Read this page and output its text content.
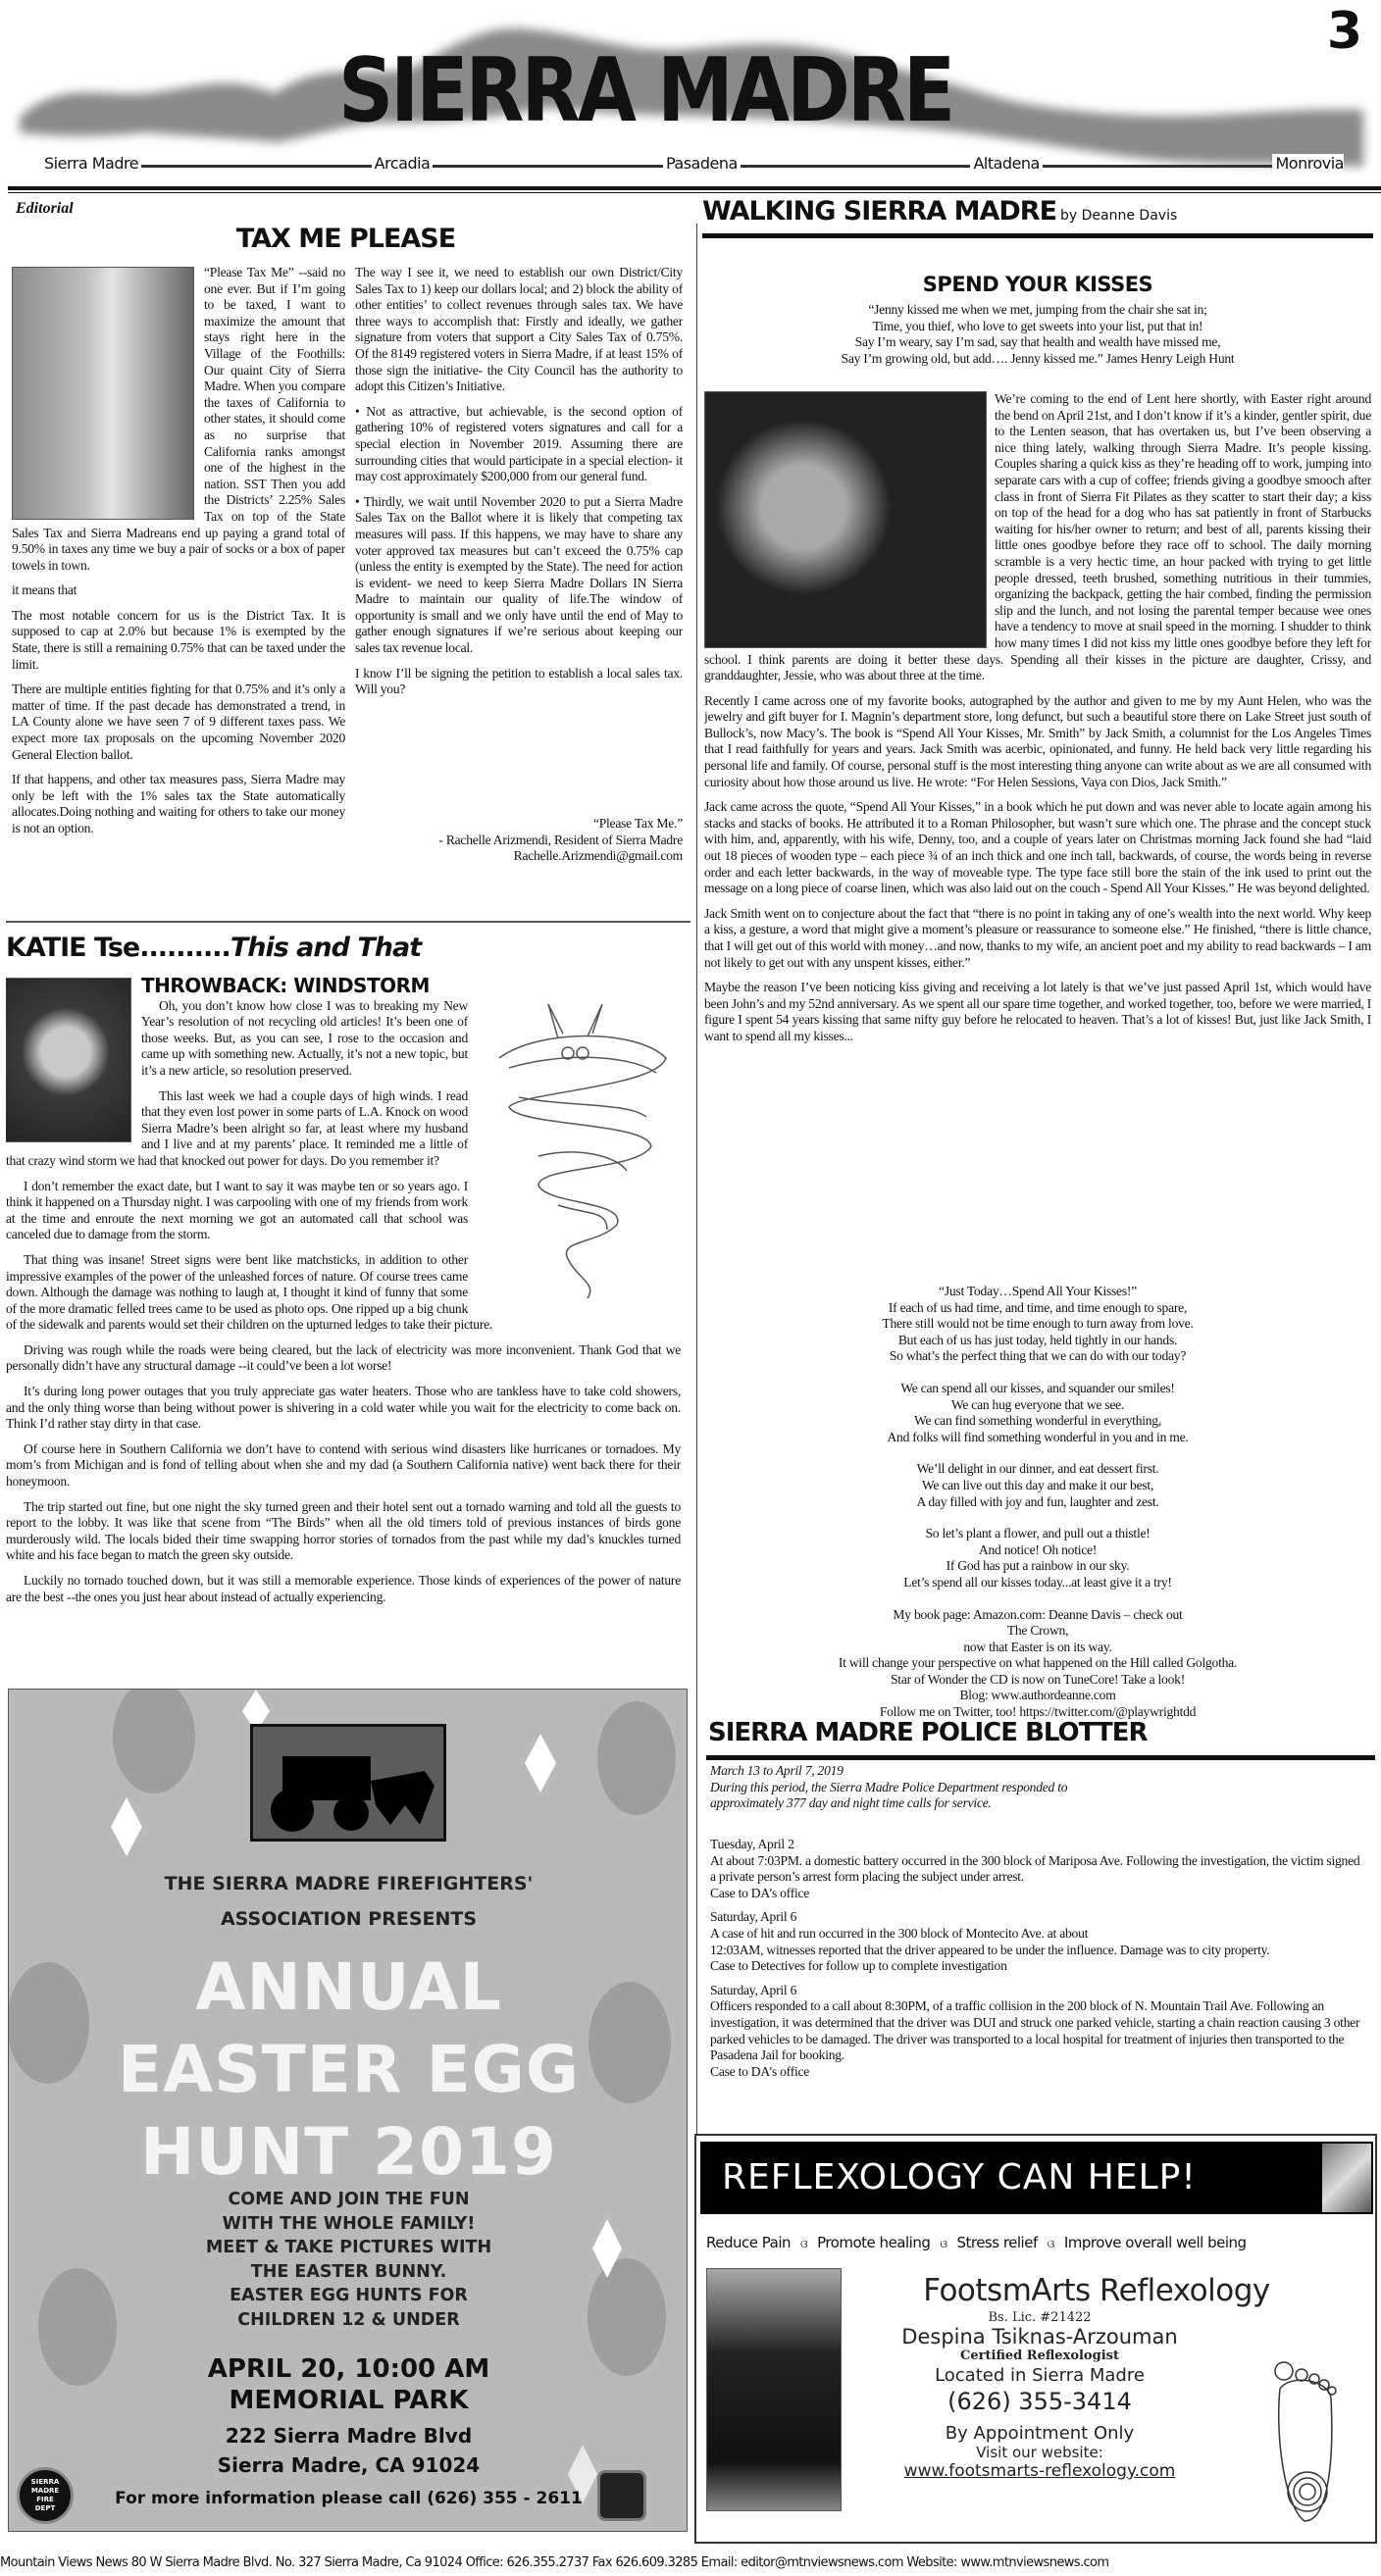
SIERRA MADRE
3
Sierra Madre	Arcadia	Pasadena	Altadena	Monrovia
Editorial
TAX ME PLEASE

“Please Tax Me” --said no one ever. But if I’m going to be taxed, I want to maximize the amount that stays right here in the Village of the Foothills: Our quaint City of Sierra Madre. When you compare the taxes of California to other states, it should come as no surprise that California ranks amongst one of the highest in the nation. SST Then you add the Districts’ 2.25% Sales Tax on top of the State Sales Tax and Sierra Madreans end up paying a grand total of 9.50% in taxes any time we buy a pair of socks or a box of paper towels in town.

it means that

The most notable concern for us is the District Tax. It is supposed to cap at 2.0% but because 1% is exempted by the State, there is still a remaining 0.75% that can be taxed under the limit.

There are multiple entities fighting for that 0.75% and it’s only a matter of time. If the past decade has demonstrated a trend, in LA County alone we have seen 7 of 9 different taxes pass. We expect more tax proposals on the upcoming November 2020 General Election ballot.

If that happens, and other tax measures pass, Sierra Madre may only be left with the 1% sales tax the State automatically allocates.Doing nothing and waiting for others to take our money is not an option.

The way I see it, we need to establish our own District/City Sales Tax to 1) keep our dollars local; and 2) block the ability of other entities’ to collect revenues through sales tax. We have three ways to accomplish that: Firstly and ideally, we gather signature from voters that support a City Sales Tax of 0.75%. Of the 8149 registered voters in Sierra Madre, if at least 15% of those sign the initiative- the City Council has the authority to adopt this Citizen’s Initiative.

• Not as attractive, but achievable, is the second option of gathering 10% of registered voters signatures and call for a special election in November 2019. Assuming there are surrounding cities that would participate in a special election- it may cost approximately $200,000 from our general fund.

• Thirdly, we wait until November 2020 to put a Sierra Madre Sales Tax on the Ballot where it is likely that competing tax measures will pass. If this happens, we may have to share any voter approved tax measures but can’t exceed the 0.75% cap (unless the entity is exempted by the State). The need for action is evident- we need to keep Sierra Madre Dollars IN Sierra Madre to maintain our quality of life.The window of opportunity is small and we only have until the end of May to gather enough signatures if we’re serious about keeping our sales tax revenue local.

I know I’ll be signing the petition to establish a local sales tax. Will you?

“Please Tax Me.”
- Rachelle Arizmendi, Resident of Sierra Madre
Rachelle.Arizmendi@gmail.com
KATIE Tse..........This and That
THROWBACK: WINDSTORM

Oh, you don’t know how close I was to breaking my New Year’s resolution of not recycling old articles! It’s been one of those weeks. But, as you can see, I rose to the occasion and came up with something new. Actually, it’s not a new topic, but it’s a new article, so resolution preserved.

This last week we had a couple days of high winds. I read that they even lost power in some parts of L.A. Knock on wood Sierra Madre’s been alright so far, at least where my husband and I live and at my parents’ place. It reminded me a little of that crazy wind storm we had that knocked out power for days. Do you remember it?

I don’t remember the exact date, but I want to say it was maybe ten or so years ago. I think it happened on a Thursday night. I was carpooling with one of my friends from work at the time and enroute the next morning we got an automated call that school was canceled due to damage from the storm.

That thing was insane! Street signs were bent like matchsticks, in addition to other impressive examples of the power of the unleashed forces of nature. Of course trees came down. Although the damage was nothing to laugh at, I thought it kind of funny that some of the more dramatic felled trees came to be used as photo ops. One ripped up a big chunk of the sidewalk and parents would set their children on the upturned ledges to take their picture.

Driving was rough while the roads were being cleared, but the lack of electricity was more inconvenient. Thank God that we personally didn’t have any structural damage --it could’ve been a lot worse!

It’s during long power outages that you truly appreciate gas water heaters. Those who are tankless have to take cold showers, and the only thing worse than being without power is shivering in a cold water while you wait for the electricity to come back on. Think I’d rather stay dirty in that case.

Of course here in Southern California we don’t have to contend with serious wind disasters like hurricanes or tornadoes. My mom’s from Michigan and is fond of telling about when she and my dad (a Southern California native) went back there for their honeymoon.

The trip started out fine, but one night the sky turned green and their hotel sent out a tornado warning and told all the guests to report to the lobby. It was like that scene from “The Birds” when all the old timers told of previous instances of birds gone murderously wild. The locals bided their time swapping horror stories of tornados from the past while my dad’s knuckles turned white and his face began to match the green sky outside.

Luckily no tornado touched down, but it was still a memorable experience. Those kinds of experiences of the power of nature are the best --the ones you just hear about instead of actually experiencing.

THE SIERRA MADRE FIREFIGHTERS'
ASSOCIATION PRESENTS
ANNUAL
EASTER EGG
HUNT 2019
COME AND JOIN THE FUN
WITH THE WHOLE FAMILY!
MEET & TAKE PICTURES WITH
THE EASTER BUNNY.
EASTER EGG HUNTS FOR
CHILDREN 12 & UNDER
APRIL 20, 10:00 AM
MEMORIAL PARK
222 Sierra Madre Blvd
Sierra Madre, CA 91024
SIERRA MADRE FIRE DEPT	For more information please call (626) 355 - 2611
WALKING SIERRA MADRE by Deanne Davis
SPEND YOUR KISSES
“Jenny kissed me when we met, jumping from the chair she sat in;
Time, you thief, who love to get sweets into your list, put that in!
Say I’m weary, say I’m sad, say that health and wealth have missed me,
Say I’m growing old, but add…. Jenny kissed me.” James Henry Leigh Hunt

We’re coming to the end of Lent here shortly, with Easter right around the bend on April 21st, and I don’t know if it’s a kinder, gentler spirit, due to the Lenten season, that has overtaken us, but I’ve been observing a nice thing lately, walking through Sierra Madre. It’s people kissing. Couples sharing a quick kiss as they’re heading off to work, jumping into separate cars with a cup of coffee; friends giving a goodbye smooch after class in front of Sierra Fit Pilates as they scatter to start their day; a kiss on top of the head for a dog who has sat patiently in front of Starbucks waiting for his/her owner to return; and best of all, parents kissing their little ones goodbye before they race off to school. The daily morning scramble is a very hectic time, an hour packed with trying to get little people dressed, teeth brushed, something nutritious in their tummies, organizing the backpack, getting the hair combed, finding the permission slip and the lunch, and not losing the parental temper because wee ones have a tendency to move at snail speed in the morning. I shudder to think how many times I did not kiss my little ones goodbye before they left for school. I think parents are doing it better these days. Spending all their kisses in the picture are daughter, Crissy, and granddaughter, Jessie, who was about three at the time.

Recently I came across one of my favorite books, autographed by the author and given to me by my Aunt Helen, who was the jewelry and gift buyer for I. Magnin’s department store, long defunct, but such a beautiful store there on Lake Street just south of Bullock’s, now Macy’s. The book is “Spend All Your Kisses, Mr. Smith” by Jack Smith, a columnist for the Los Angeles Times that I read faithfully for years and years. Jack Smith was acerbic, opinionated, and funny. He held back very little regarding his personal life and family. Of course, personal stuff is the most interesting thing anyone can write about as we are all consumed with curiosity about how those around us live. He wrote: “For Helen Sessions, Vaya con Dios, Jack Smith.”

Jack came across the quote, “Spend All Your Kisses,” in a book which he put down and was never able to locate again among his stacks and stacks of books. He attributed it to a Roman Philosopher, but wasn’t sure which one. The phrase and the concept stuck with him, and, apparently, with his wife, Denny, too, and a couple of years later on Christmas morning Jack found she had “laid out 18 pieces of wooden type – each piece ¾ of an inch thick and one inch tall, backwards, of course, the words being in reverse order and each letter backwards, in the way of moveable type. The type face still bore the stain of the ink used to print out the message on a long piece of coarse linen, which was also laid out on the couch - Spend All Your Kisses.” He was beyond delighted.

Jack Smith went on to conjecture about the fact that “there is no point in taking any of one’s wealth into the next world. Why keep a kiss, a gesture, a word that might give a moment’s pleasure or reassurance to someone else.” He finished, “there is little chance, that I will get out of this world with money…and now, thanks to my wife, an ancient poet and my ability to read backwards – I am not likely to get out with any unspent kisses, either.”

Maybe the reason I’ve been noticing kiss giving and receiving a lot lately is that we’ve just passed April 1st, which would have been John’s and my 52nd anniversary. As we spent all our spare time together, and worked together, too, before we were married, I figure I spent 54 years kissing that same nifty guy before he relocated to heaven. That’s a lot of kisses! But, just like Jack Smith, I want to spend all my kisses...

“Just Today…Spend All Your Kisses!”
If each of us had time, and time, and time enough to spare,
There still would not be time enough to turn away from love.
But each of us has just today, held tightly in our hands.
So what’s the perfect thing that we can do with our today?
We can spend all our kisses, and squander our smiles!
We can hug everyone that we see.
We can find something wonderful in everything,
And folks will find something wonderful in you and in me.
We’ll delight in our dinner, and eat dessert first.
We can live out this day and make it our best,
A day filled with joy and fun, laughter and zest.
So let’s plant a flower, and pull out a thistle!
And notice! Oh notice!
If God has put a rainbow in our sky.
Let’s spend all our kisses today...at least give it a try!
My book page: Amazon.com: Deanne Davis – check out
The Crown,
now that Easter is on its way.
It will change your perspective on what happened on the Hill called Golgotha.
Star of Wonder the CD is now on TuneCore! Take a look!
Blog: www.authordeanne.com
Follow me on Twitter, too! https://twitter.com/@playwrightdd
SIERRA MADRE POLICE BLOTTER
March 13 to April 7, 2019
During this period, the Sierra Madre Police Department responded to
approximately 377 day and night time calls for service.
Tuesday, April 2
At about 7:03PM. a domestic battery occurred in the 300 block of Mariposa Ave. Following the investigation, the victim signed a private person’s arrest form placing the subject under arrest.
Case to DA’s office
Saturday, April 6
A case of hit and run occurred in the 300 block of Montecito Ave. at about
12:03AM, witnesses reported that the driver appeared to be under the influence. Damage was to city property.
Case to Detectives for follow up to complete investigation
Saturday, April 6
Officers responded to a call about 8:30PM, of a traffic collision in the 200 block of N. Mountain Trail Ave. Following an investigation, it was determined that the driver was DUI and struck one parked vehicle, starting a chain reaction causing 3 other parked vehicles to be damaged. The driver was transported to a local hospital for treatment of injuries then transported to the Pasadena Jail for booking.
Case to DA’s office
REFLEXOLOGY CAN HELP!
Reduce Pain ଓ Promote healing ଓ Stress relief ଓ Improve overall well being
FootsmArts Reflexology
Bs. Lic. #21422
Despina Tsiknas-Arzouman
Certified Reflexologist
Located in Sierra Madre
(626) 355-3414
By Appointment Only
Visit our website:
www.footsmarts-reflexology.com
Mountain Views News 80 W Sierra Madre Blvd. No. 327 Sierra Madre, Ca 91024 Office: 626.355.2737 Fax 626.609.3285 Email: editor@mtnviewsnews.com Website: www.mtnviewsnews.com
